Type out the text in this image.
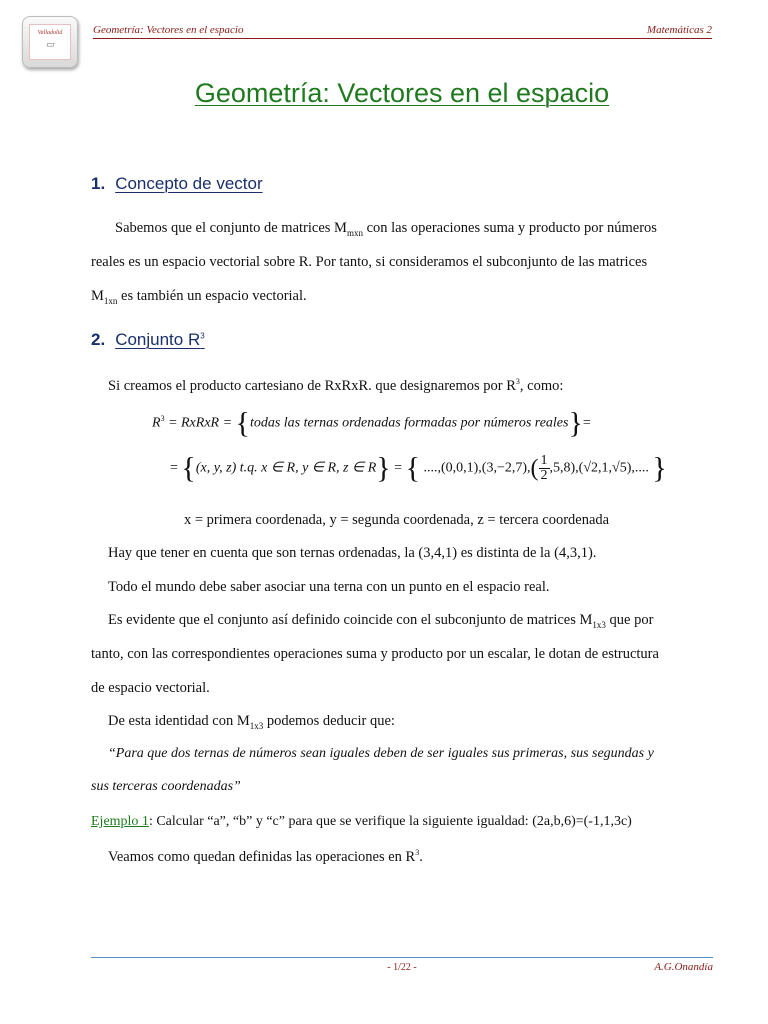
Valladolid
▭
Geometría: Vectores en el espacio	Matemáticas 2
Geometría: Vectores en el espacio
1. Concepto de vector
Sabemos que el conjunto de matrices $M_{mxn}$ con las operaciones suma y producto por números
reales es un espacio vectorial sobre R. Por tanto, si consideramos el subconjunto de las matrices
$M_{1xn}$ es también un espacio vectorial.
2. Conjunto $R^3$
Si creamos el producto cartesiano de RxRxR. que designaremos por $R^3$, como:
$R^3$ = RxRxR = {todas las ternas ordenadas formadas por números reales}=
= {(x, y, z) t.q. x ∈ R, y ∈ R, z ∈ R} = { $....,(0,0,1),(3,-2,7),( \frac{1}{2},5,8),(√2,1,√5)$,.... }
x = primera coordenada, y = segunda coordenada, z = tercera coordenada
Hay que tener en cuenta que son ternas ordenadas, la (3,4,1) es distinta de la (4,3,1).
Todo el mundo debe saber asociar una terna con un punto en el espacio real.
Es evidente que el conjunto así definido coincide con el subconjunto de matrices $M_{1x3}$ que por
tanto, con las correspondientes operaciones suma y producto por un escalar, le dotan de estructura
de espacio vectorial.
De esta identidad con $M_{1x3}$ podemos deducir que:
“Para que dos ternas de números sean iguales deben de ser iguales sus primeras, sus segundas y
sus terceras coordenadas”
Ejemplo 1: Calcular “a”, “b” y “c” para que se verifique la siguiente igualdad: (2a,b,6)=(-1,1,3c)
Veamos como quedan definidas las operaciones en $R^3$.
- 1/22 -	A.G.Onandía
